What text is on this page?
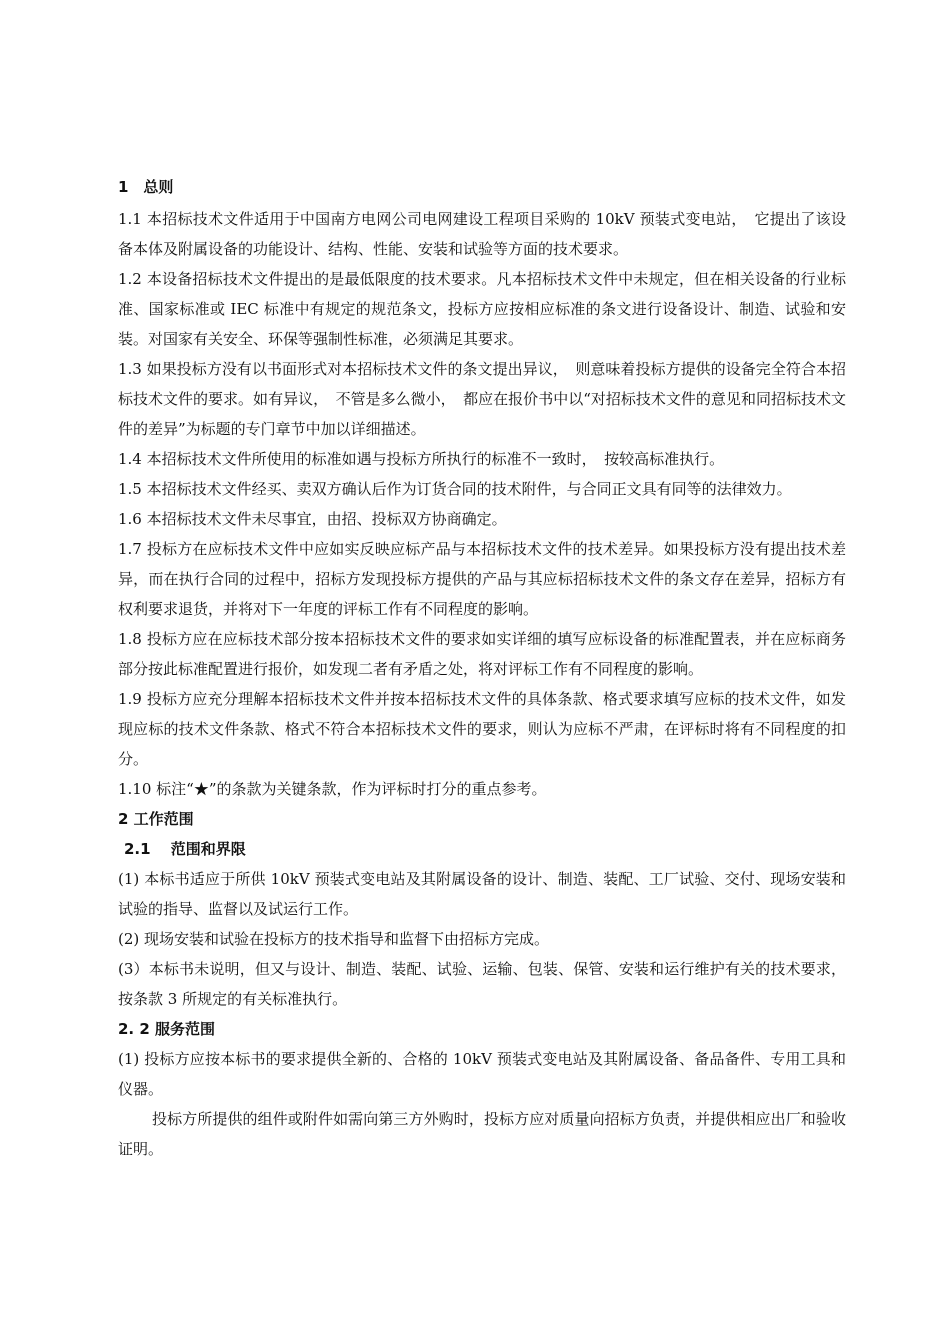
1　总则

1.1 本招标技术文件适用于中国南方电网公司电网建设工程项目采购的 10kV 预装式变电站，　它提出了该设备本体及附属设备的功能设计、结构、性能、安装和试验等方面的技术要求。

1.2 本设备招标技术文件提出的是最低限度的技术要求。凡本招标技术文件中未规定，但在相关设备的行业标准、国家标准或 IEC 标准中有规定的规范条文，投标方应按相应标准的条文进行设备设计、制造、试验和安装。对国家有关安全、环保等强制性标准，必须满足其要求。

1.3 如果投标方没有以书面形式对本招标技术文件的条文提出异议，　则意味着投标方提供的设备完全符合本招标技术文件的要求。如有异议，　不管是多么微小，　都应在报价书中以“对招标技术文件的意见和同招标技术文件的差异”为标题的专门章节中加以详细描述。

1.4 本招标技术文件所使用的标准如遇与投标方所执行的标准不一致时，　按较高标准执行。

1.5 本招标技术文件经买、卖双方确认后作为订货合同的技术附件，与合同正文具有同等的法律效力。

1.6 本招标技术文件未尽事宜，由招、投标双方协商确定。

1.7 投标方在应标技术文件中应如实反映应标产品与本招标技术文件的技术差异。如果投标方没有提出技术差异，而在执行合同的过程中，招标方发现投标方提供的产品与其应标招标技术文件的条文存在差异，招标方有权利要求退货，并将对下一年度的评标工作有不同程度的影响。

1.8 投标方应在应标技术部分按本招标技术文件的要求如实详细的填写应标设备的标准配置表，并在应标商务部分按此标准配置进行报价，如发现二者有矛盾之处，将对评标工作有不同程度的影响。

1.9 投标方应充分理解本招标技术文件并按本招标技术文件的具体条款、格式要求填写应标的技术文件，如发现应标的技术文件条款、格式不符合本招标技术文件的要求，则认为应标不严肃，在评标时将有不同程度的扣分。

1.10 标注“★”的条款为关键条款，作为评标时打分的重点参考。

2 工作范围

2.1　 范围和界限

(1) 本标书适应于所供 10kV 预装式变电站及其附属设备的设计、制造、装配、工厂试验、交付、现场安装和试验的指导、监督以及试运行工作。

(2) 现场安装和试验在投标方的技术指导和监督下由招标方完成。

(3）本标书未说明，但又与设计、制造、装配、试验、运输、包装、保管、安装和运行维护有关的技术要求，按条款 3 所规定的有关标准执行。

2. 2 服务范围

(1) 投标方应按本标书的要求提供全新的、合格的 10kV 预装式变电站及其附属设备、备品备件、专用工具和仪器。

投标方所提供的组件或附件如需向第三方外购时，投标方应对质量向招标方负责，并提供相应出厂和验收证明。
